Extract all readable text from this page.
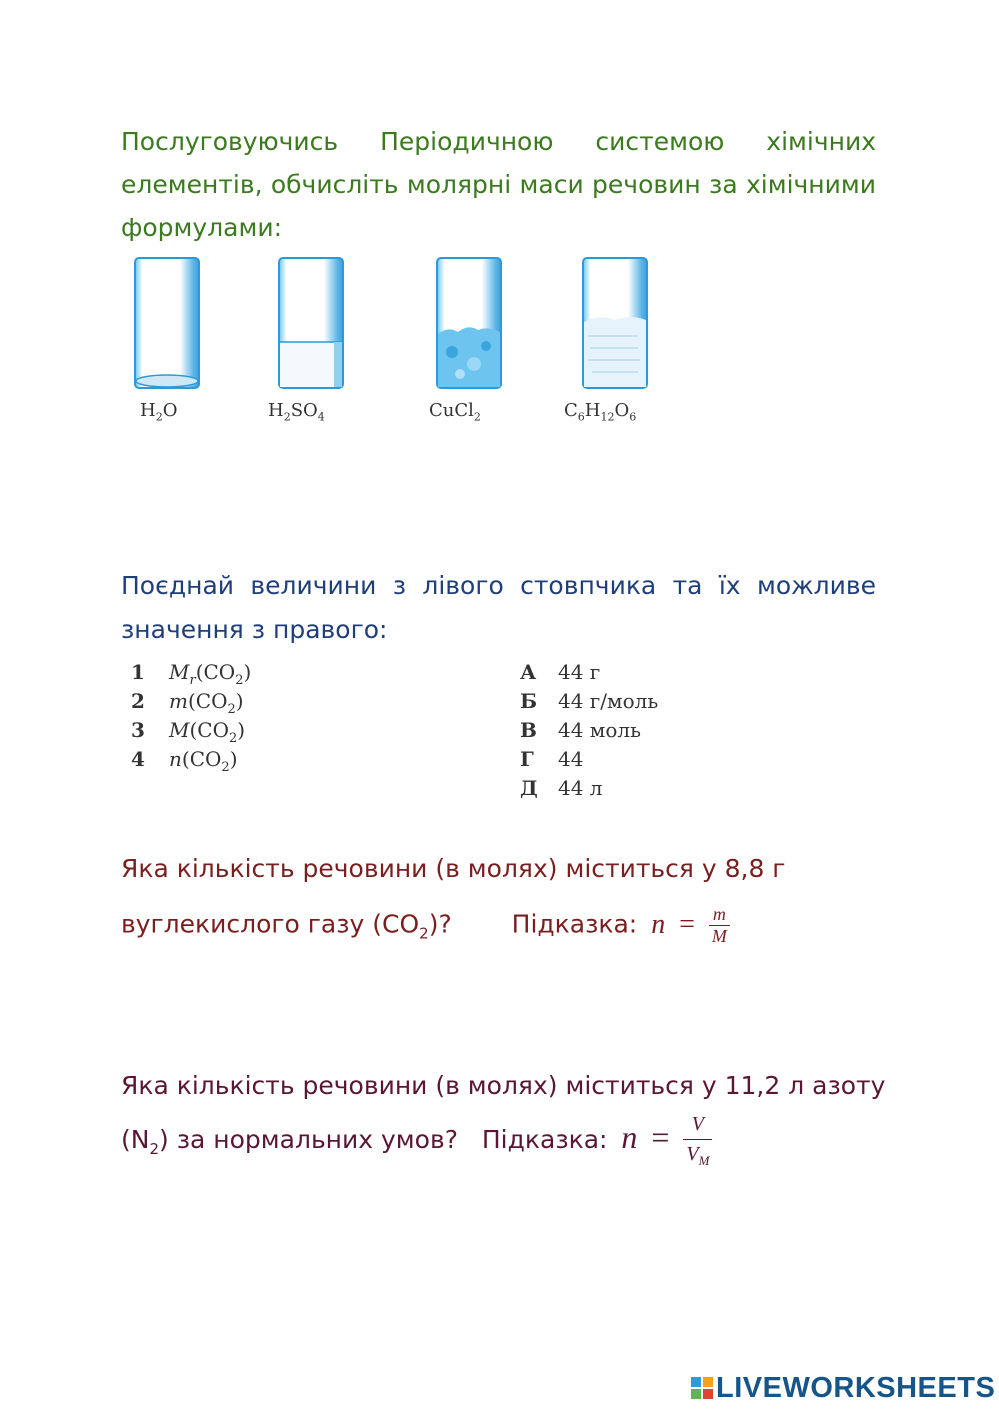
Послуговуючись Періодичною системою хімічних елементів, обчисліть молярні маси речовин за хімічними
формулами:
$H_2O$	$H_2SO_4$	CuCl$_2$	$C_6H_{12}O_6$
Поєднай величини з лівого стовпчика та їх можливе
значення з правого:
1 $M_r(CO_2)$
2 $m(CO_2)$
3 $M(CO_2)$
4 $n(CO_2)$
А 44 г
Б 44 г/моль
В 44 моль
Г 44
Д 44 л
Яка кількість речовини (в молях) міститься у 8,8 г
вуглекислого газу $(CO_2)$? Підказка: $n = \frac{m}{M}$
Яка кількість речовини (в молях) міститься у 11,2 л азоту
$(N_2)$ за нормальних умов? Підказка: $n = \frac{V}{V_M}$
LIVEWORKSHEETS
